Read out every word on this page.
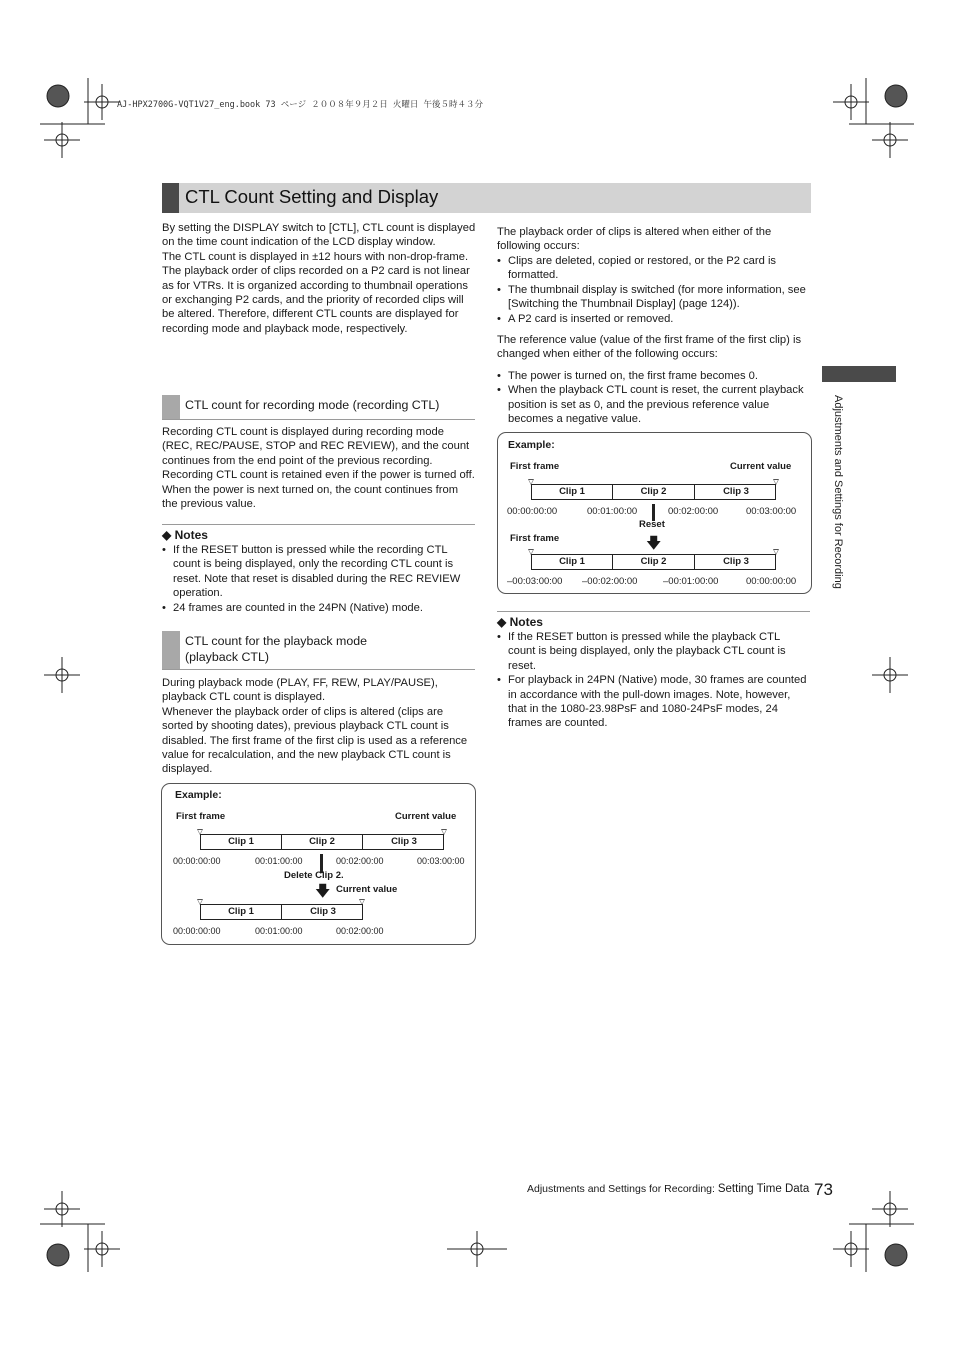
AJ-HPX2700G-VQT1V27_eng.book 73 ページ ２００８年９月２日 火曜日 午後５時４３分
CTL Count Setting and Display
By setting the DISPLAY switch to [CTL], CTL count is displayed on the time count indication of the LCD display window.
The CTL count is displayed in ±12 hours with non-drop-frame.
The playback order of clips recorded on a P2 card is not linear as for VTRs. It is organized according to thumbnail operations or exchanging P2 cards, and the priority of recorded clips will be altered. Therefore, different CTL counts are displayed for recording mode and playback mode, respectively.
CTL count for recording mode (recording CTL)
Recording CTL count is displayed during recording mode (REC, REC/PAUSE, STOP and REC REVIEW), and the count continues from the end point of the previous recording. Recording CTL count is retained even if the power is turned off. When the power is next turned on, the count continues from the previous value.
◆ Notes
• If the RESET button is pressed while the recording CTL count is being displayed, only the recording CTL count is reset. Note that reset is disabled during the REC REVIEW operation.
• 24 frames are counted in the 24PN (Native) mode.
CTL count for the playback mode
(playback CTL)
During playback mode (PLAY, FF, REW, PLAY/PAUSE), playback CTL count is displayed.
Whenever the playback order of clips is altered (clips are sorted by shooting dates), previous playback CTL count is disabled. The first frame of the first clip is used as a reference value for recalculation, and the new playback CTL count is displayed.
Example:
First frame	Current value
Clip 1	Clip 2	Clip 3
00:00:00:00	00:01:00:00	00:02:00:00	00:03:00:00
Delete Clip 2.
🡇 Current value
Clip 1	Clip 3
00:00:00:00	00:01:00:00	00:02:00:00
The playback order of clips is altered when either of the following occurs:
• Clips are deleted, copied or restored, or the P2 card is formatted.
• The thumbnail display is switched (for more information, see [Switching the Thumbnail Display] (page 124)).
• A P2 card is inserted or removed.
The reference value (value of the first frame of the first clip) is changed when either of the following occurs:
• The power is turned on, the first frame becomes 0.
• When the playback CTL count is reset, the current playback position is set as 0, and the previous reference value becomes a negative value.
Example:
First frame	Current value
Clip 1	Clip 2	Clip 3
00:00:00:00	00:01:00:00	00:02:00:00	00:03:00:00
Reset
🡇
First frame
Clip 1	Clip 2	Clip 3
–00:03:00:00 –00:02:00:00	–00:01:00:00	00:00:00:00
◆ Notes
• If the RESET button is pressed while the playback CTL count is being displayed, only the playback CTL count is reset.
• For playback in 24PN (Native) mode, 30 frames are counted in accordance with the pull-down images. Note, however, that in the 1080-23.98PsF and 1080-24PsF modes, 24 frames are counted.
Adjustments and Settings for Recording
Adjustments and Settings for Recording: Setting Time Data 73
